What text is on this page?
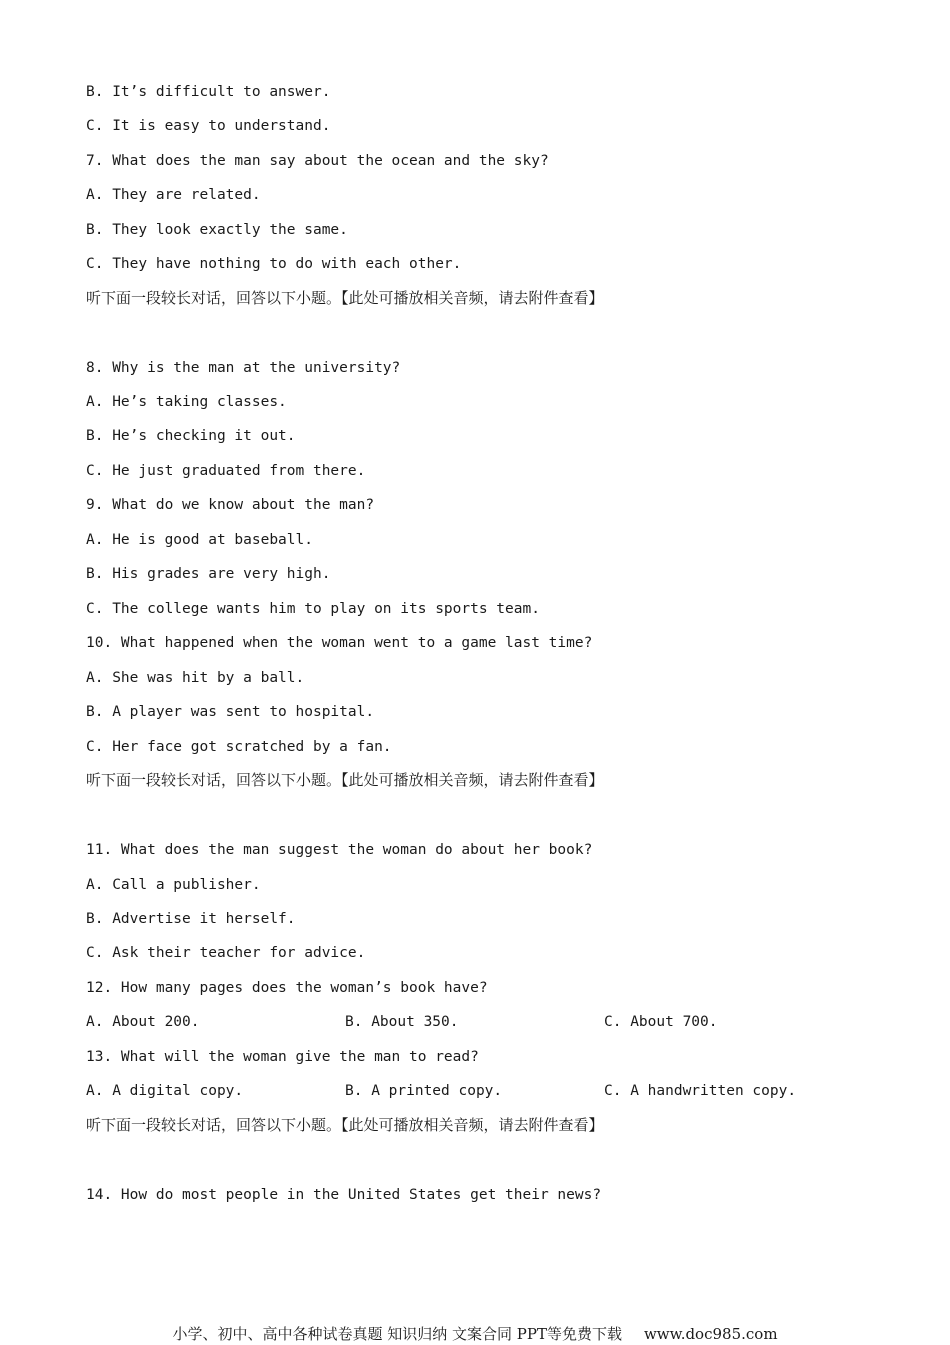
B. It’s difficult to answer.
C. It is easy to understand.
7. What does the man say about the ocean and the sky?
A. They are related.
B. They look exactly the same.
C. They have nothing to do with each other.
听下面一段较长对话，回答以下小题。【此处可播放相关音频，请去附件查看】
8. Why is the man at the university?
A. He’s taking classes.
B. He’s checking it out.
C. He just graduated from there.
9. What do we know about the man?
A. He is good at baseball.
B. His grades are very high.
C. The college wants him to play on its sports team.
10. What happened when the woman went to a game last time?
A. She was hit by a ball.
B. A player was sent to hospital.
C. Her face got scratched by a fan.
听下面一段较长对话，回答以下小题。【此处可播放相关音频，请去附件查看】
11. What does the man suggest the woman do about her book?
A. Call a publisher.
B. Advertise it herself.
C. Ask their teacher for advice.
12. How many pages does the woman’s book have?

A. About 200.

	B. About 350.

	C. About 700.

13. What will the woman give the man to read?

A. A digital copy.

	B. A printed copy.

	C. A handwritten copy.

听下面一段较长对话，回答以下小题。【此处可播放相关音频，请去附件查看】
14. How do most people in the United States get their news?
小学、初中、高中各种试卷真题 知识归纳 文案合同 PPT等免费下载 www.doc985.com
